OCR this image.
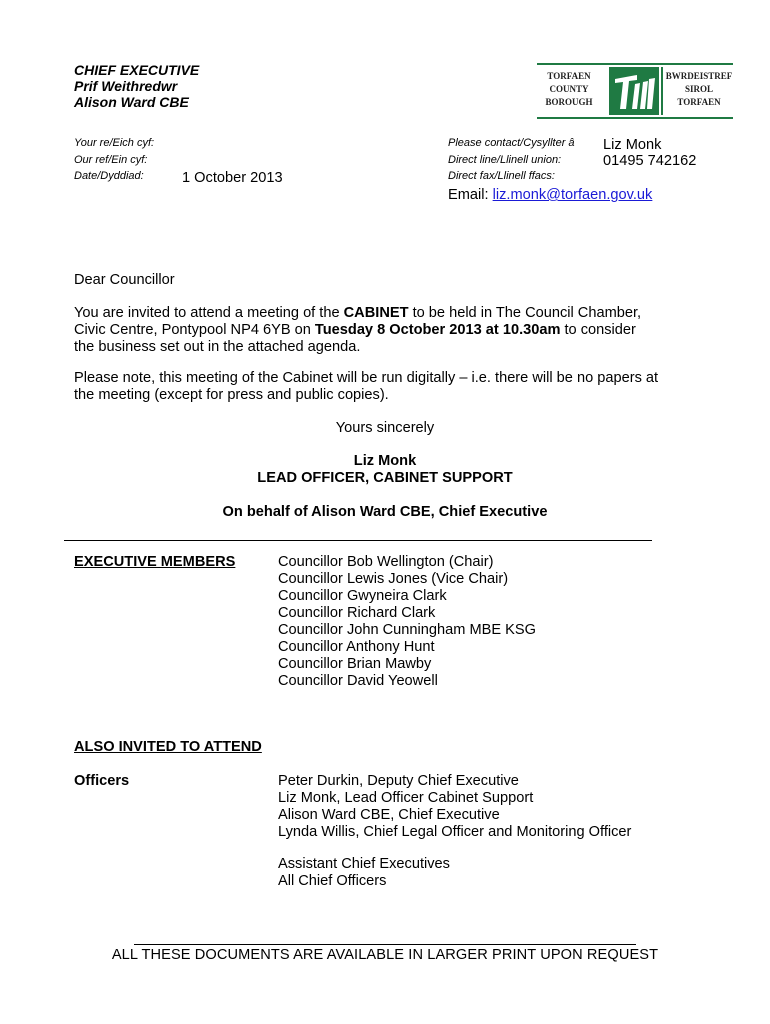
CHIEF EXECUTIVE
Prif Weithredwr
Alison Ward CBE
TORFAEN
COUNTY
BOROUGH
BWRDEISTREF
SIROL
TORFAEN
Your re/Eich cyf:
Our ref/Ein cyf:
Date/Dyddiad:	1 October 2013
Please contact/Cysyllter â Liz Monk
Direct line/Llinell union:	01495 742162
Direct fax/Llinell ffacs:
Email: liz.monk@torfaen.gov.uk
Dear Councillor
You are invited to attend a meeting of the CABINET to be held in The Council Chamber,
Civic Centre, Pontypool NP4 6YB on Tuesday 8 October 2013 at 10.30am to consider
the business set out in the attached agenda.
Please note, this meeting of the Cabinet will be run digitally – i.e. there will be no papers at
the meeting (except for press and public copies).
Yours sincerely
Liz Monk
LEAD OFFICER, CABINET SUPPORT
On behalf of Alison Ward CBE, Chief Executive
EXECUTIVE MEMBERS	Councillor Bob Wellington (Chair)
Councillor Lewis Jones (Vice Chair)
Councillor Gwyneira Clark
Councillor Richard Clark
Councillor John Cunningham MBE KSG
Councillor Anthony Hunt
Councillor Brian Mawby
Councillor David Yeowell
ALSO INVITED TO ATTEND
Officers	Peter Durkin, Deputy Chief Executive
Liz Monk, Lead Officer Cabinet Support
Alison Ward CBE, Chief Executive
Lynda Willis, Chief Legal Officer and Monitoring Officer
Assistant Chief Executives
All Chief Officers
ALL THESE DOCUMENTS ARE AVAILABLE IN LARGER PRINT UPON REQUEST
